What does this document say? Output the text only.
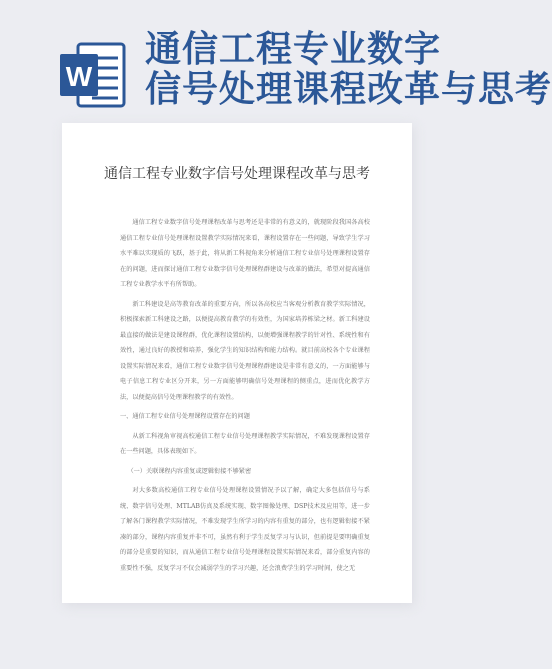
W
通信工程专业数字
信号处理课程改革与思考
通信工程专业数字信号处理课程改革与思考

通信工程专业数字信号处理课程改革与思考还是非常的有意义的，就现阶段我国各高校通信工程专业信号处理课程设置教学实际情况来看，课程设置存在一些问题，导致学生学习水平难以实现质的飞跃，基于此，将从新工科视角来分析通信工程专业信号处理课程设置存在的问题，进而探讨通信工程专业数字信号处理课程群建设与改革的做法，希望对提高通信工程专业教学水平有所帮助。

新工科建设是高等教育改革的重要方向，所以各高校应当客观分析教育教学实际情况，积极探索新工科建设之路，以便提高教育教学的有效性，为国家培养栋梁之材。新工科建设最直接的做法是建设课程群，优化课程设置结构，以便增强课程教学的针对性、系统性和有效性，通过良好的教授和培养，强化学生的知识结构和能力结构。就目前高校各个专业课程设置实际情况来看，通信工程专业数字信号处理课程群建设是非常有意义的，一方面能够与电子信息工程专业区分开来，另一方面能够明确信号处理课程的侧重点，进而优化教学方法，以便提高信号处理课程教学的有效性。

一、通信工程专业信号处理课程设置存在的问题

从新工科视角审视高校通信工程专业信号处理课程教学实际情况，不难发现课程设置存在一些问题，具体表现如下。

（一）关联课程内容重复或逻辑衔接不够紧密

对大多数高校通信工程专业信号处理课程设置情况予以了解，确定大多包括信号与系统、数字信号处理、MTLAB仿真及系统实现、数字图像处理、DSP技术及应用等，进一步了解各门课程教学实际情况，不难发现学生所学习的内容有重复的部分，也有逻辑衔接不紧凑的部分，课程内容重复并非不可，虽然有利于学生反复学习与认识，但前提是要明确重复的部分是重要的知识，而从通信工程专业信号处理课程设置实际情况来看，部分重复内容的重要性不强，反复学习不仅会减弱学生的学习兴趣，还会浪费学生的学习时间，使之无
